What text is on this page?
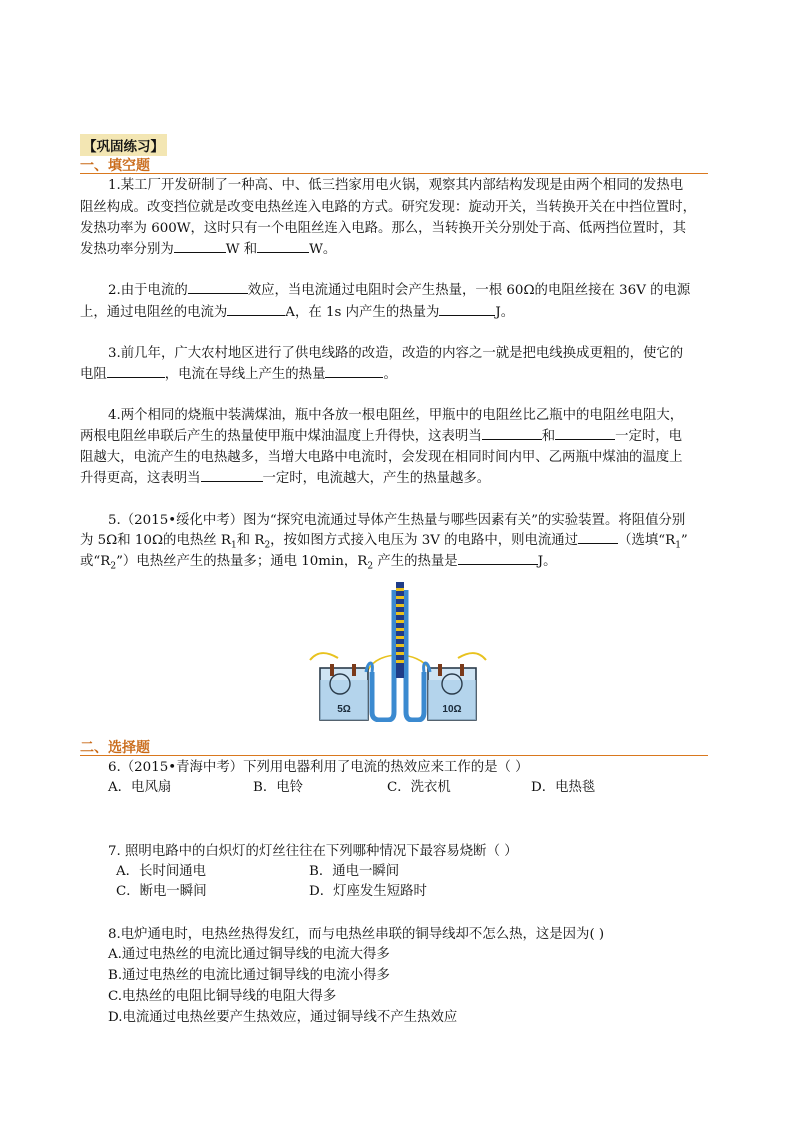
【巩固练习】
一、填空题
1.某工厂开发研制了一种高、中、低三挡家用电火锅，观察其内部结构发现是由两个相同的发热电
阻丝构成。改变挡位就是改变电热丝连入电路的方式。研究发现：旋动开关，当转换开关在中挡位置时，
发热功率为 600W，这时只有一个电阻丝连入电路。那么，当转换开关分别处于高、低两挡位置时，其
发热功率分别为	W 和	W。
2.由于电流的	效应，当电流通过电阻时会产生热量，一根 60Ω的电阻丝接在 36V 的电源
上，通过电阻丝的电流为	A，在 1s 内产生的热量为	J。
3.前几年，广大农村地区进行了供电线路的改造，改造的内容之一就是把电线换成更粗的，使它的
电阻	，电流在导线上产生的热量	。
4.两个相同的烧瓶中装满煤油，瓶中各放一根电阻丝，甲瓶中的电阻丝比乙瓶中的电阻丝电阻大，
两根电阻丝串联后产生的热量使甲瓶中煤油温度上升得快，这表明当	和	一定时，电
阻越大，电流产生的电热越多，当增大电路中电流时，会发现在相同时间内甲、乙两瓶中煤油的温度上
升得更高，这表明当	一定时，电流越大，产生的热量越多。
5.（2015•绥化中考）图为“探究电流通过导体产生热量与哪些因素有关”的实验装置。将阻值分别
为 5Ω和 10Ω的电热丝 $R_1$和 $R_2$，按如图方式接入电压为 3V 的电路中，则电流通过	（选填“$R_1$”
或“$R_2$”）电热丝产生的热量多；通电 10min，$R_2$ 产生的热量是	J。
5Ω	10Ω
二、选择题
6.（2015•青海中考）下列用电器利用了电流的热效应来工作的是（ ）
A．电风扇	B．电铃	C．洗衣机	D．电热毯
7. 照明电路中的白炽灯的灯丝往往在下列哪种情况下最容易烧断（ ）
A．长时间通电	B．通电一瞬间
C．断电一瞬间	D．灯座发生短路时
8.电炉通电时，电热丝热得发红，而与电热丝串联的铜导线却不怎么热，这是因为( )
A.通过电热丝的电流比通过铜导线的电流大得多
B.通过电热丝的电流比通过铜导线的电流小得多
C.电热丝的电阻比铜导线的电阻大得多
D.电流通过电热丝要产生热效应，通过铜导线不产生热效应
